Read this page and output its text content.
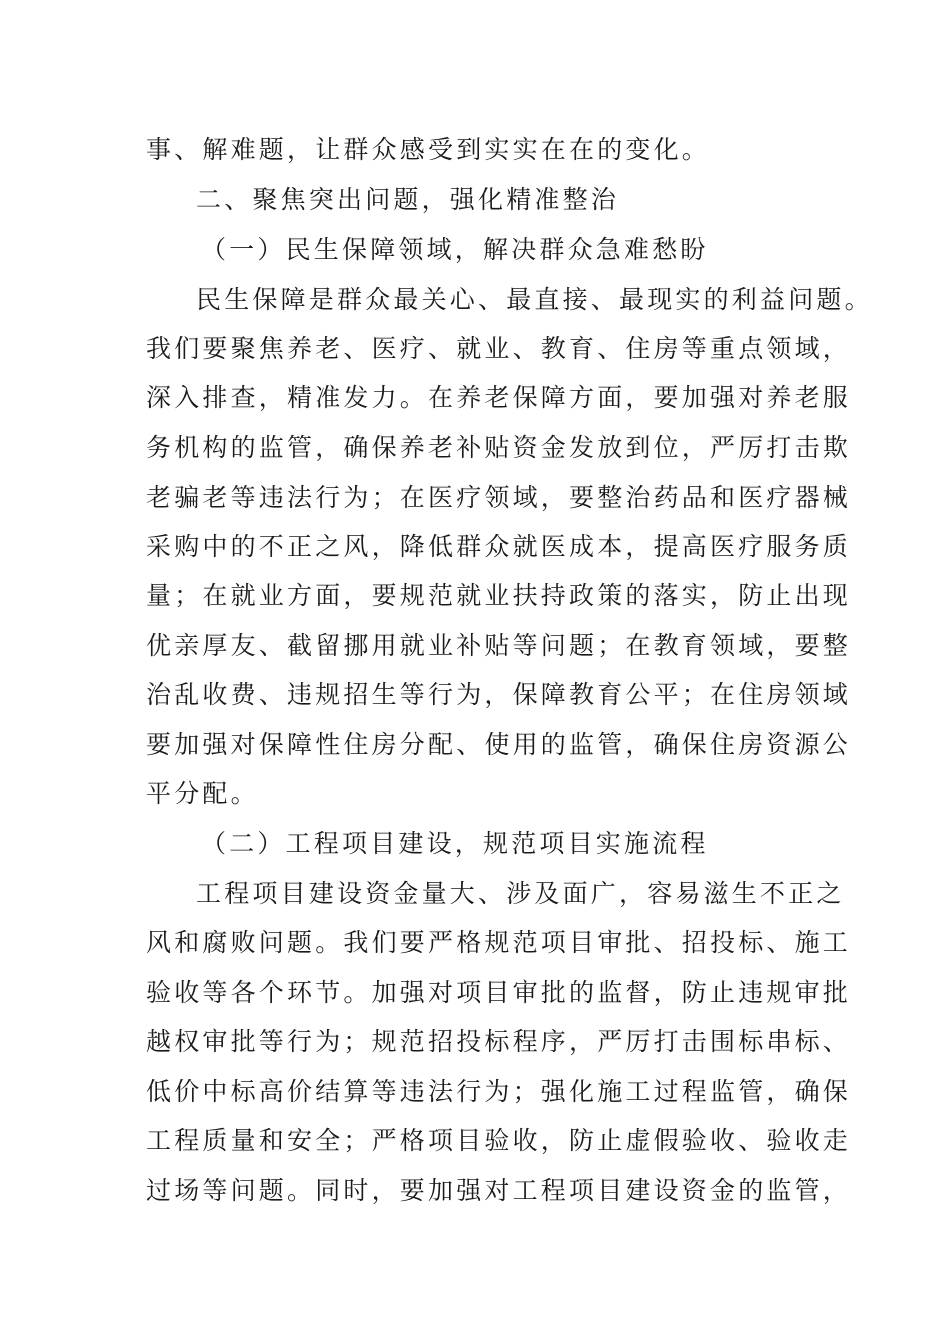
事、解难题，让群众感受到实实在在的变化。
二、聚焦突出问题，强化精准整治
（一）民生保障领域，解决群众急难愁盼
民生保障是群众最关心、最直接、最现实的利益问题。
我们要聚焦养老、医疗、就业、教育、住房等重点领域，
深入排查，精准发力。在养老保障方面，要加强对养老服
务机构的监管，确保养老补贴资金发放到位，严厉打击欺
老骗老等违法行为；在医疗领域，要整治药品和医疗器械
采购中的不正之风，降低群众就医成本，提高医疗服务质
量；在就业方面，要规范就业扶持政策的落实，防止出现
优亲厚友、截留挪用就业补贴等问题；在教育领域，要整
治乱收费、违规招生等行为，保障教育公平；在住房领域
要加强对保障性住房分配、使用的监管，确保住房资源公
平分配。
（二）工程项目建设，规范项目实施流程
工程项目建设资金量大、涉及面广，容易滋生不正之
风和腐败问题。我们要严格规范项目审批、招投标、施工
验收等各个环节。加强对项目审批的监督，防止违规审批
越权审批等行为；规范招投标程序，严厉打击围标串标、
低价中标高价结算等违法行为；强化施工过程监管，确保
工程质量和安全；严格项目验收，防止虚假验收、验收走
过场等问题。同时，要加强对工程项目建设资金的监管，
